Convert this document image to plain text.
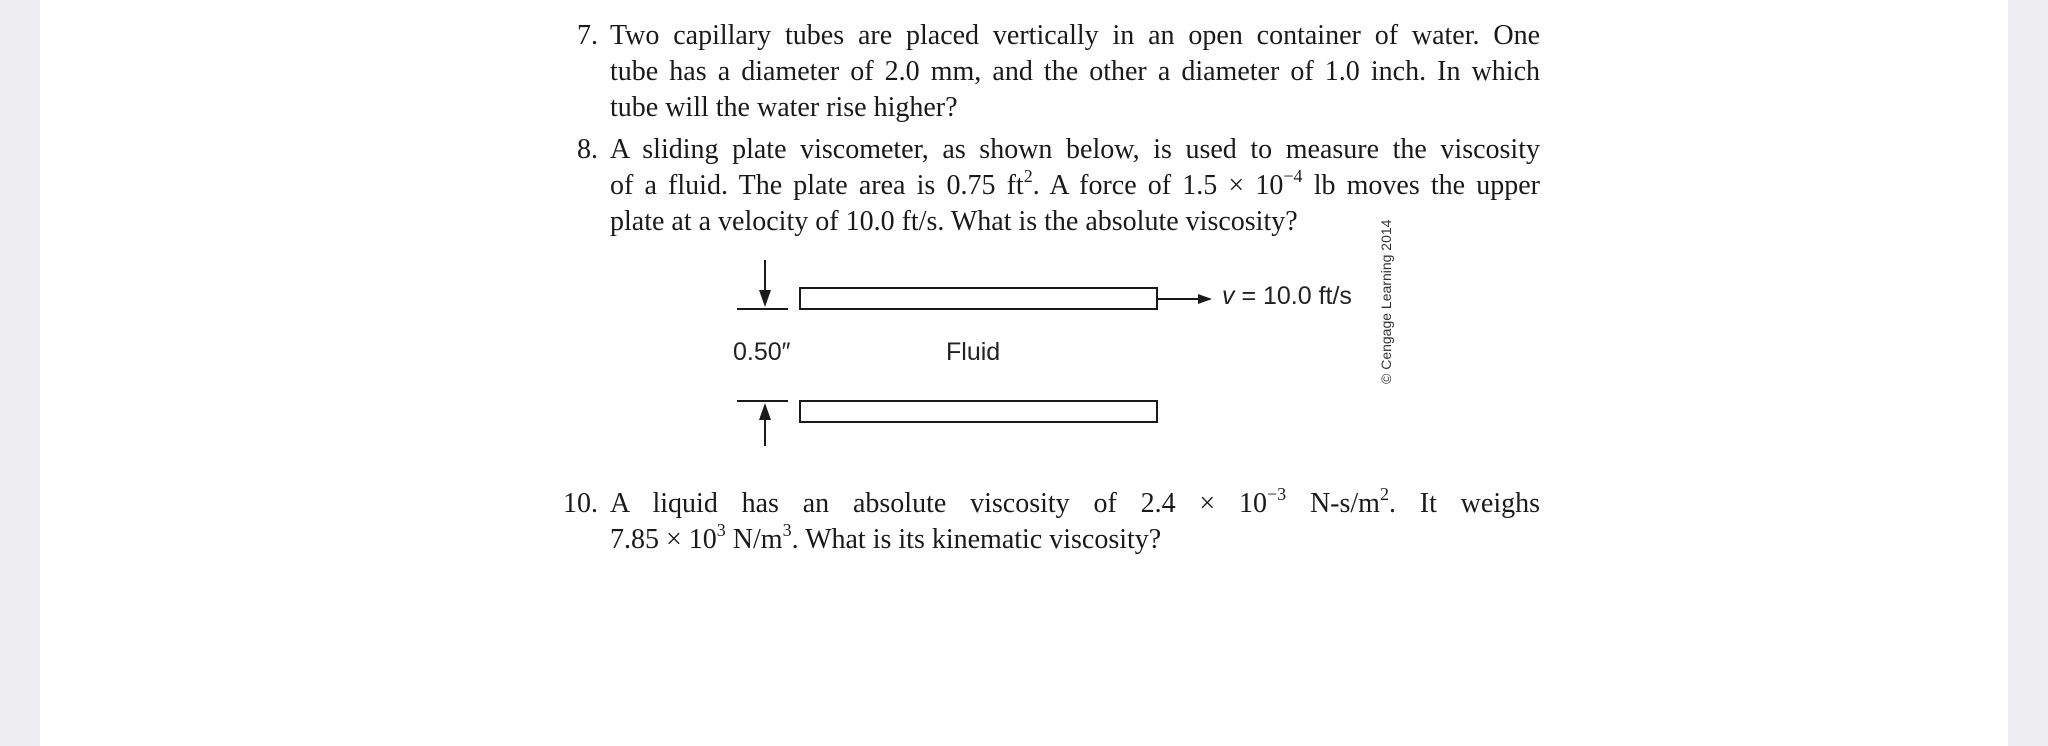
7. Two capillary tubes are placed vertically in an open container of water. One
tube has a diameter of 2.0 mm, and the other a diameter of 1.0 inch. In which
tube will the water rise higher?
8. A sliding plate viscometer, as shown below, is used to measure the viscosity
of a fluid. The plate area is 0.75 $ft^2$. A force of $1.5 \times 10^{-4}$ lb moves the upper
plate at a velocity of 10.0 ft/s. What is the absolute viscosity?
0.50″	Fluid
v = 10.0 ft/s © Cengage Learning 2014
10. A liquid has an absolute viscosity of $2.4 \times 10^{-3}$ $N-s/m^2$. It weighs
$7.85 \times 10^3$ $N/m^3$. What is its kinematic viscosity?
